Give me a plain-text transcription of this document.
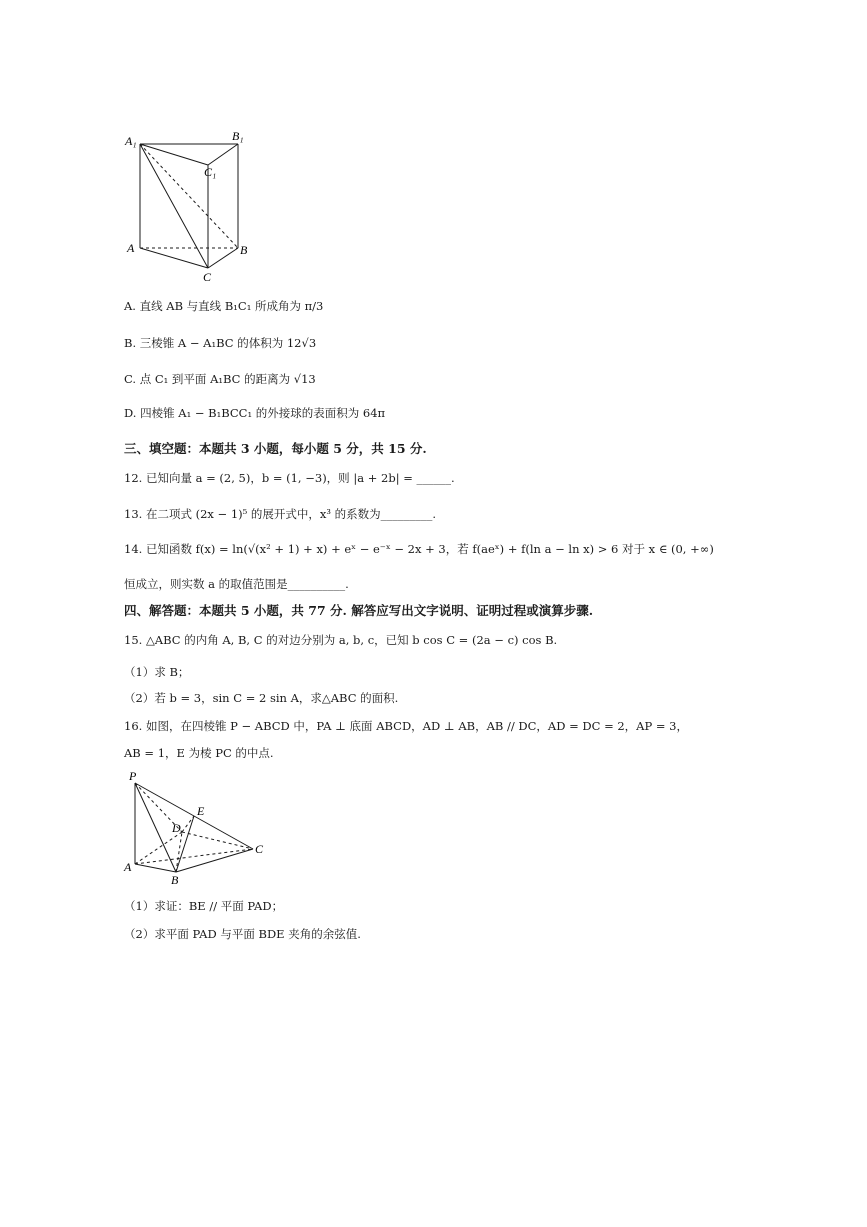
A₁	B₁
C₁
A	B
C
A. 直线 AB 与直线 B₁C₁ 所成角为 π/3
B. 三棱锥 A − A₁BC 的体积为 12√3
C. 点 C₁ 到平面 A₁BC 的距离为 √13
D. 四棱锥 A₁ − B₁BCC₁ 的外接球的表面积为 64π
三、填空题：本题共 3 小题，每小题 5 分，共 15 分.
12. 已知向量 a = (2, 5)，b = (1, −3)，则 |a + 2b| = ______.
13. 在二项式 (2x − 1)⁵ 的展开式中，x³ 的系数为_________.
14. 已知函数 f(x) = ln(√(x² + 1) + x) + eˣ − e⁻ˣ − 2x + 3，若 f(aeˣ) + f(ln a − ln x) > 6 对于 x ∈ (0, +∞)
恒成立，则实数 a 的取值范围是__________.
四、解答题：本题共 5 小题，共 77 分. 解答应写出文字说明、证明过程或演算步骤.
15. △ABC 的内角 A, B, C 的对边分别为 a, b, c，已知 b cos C = (2a − c) cos B.
（1）求 B；
（2）若 b = 3，sin C = 2 sin A，求△ABC 的面积.
16. 如图，在四棱锥 P − ABCD 中，PA ⊥ 底面 ABCD，AD ⊥ AB，AB // DC，AD = DC = 2，AP = 3，
AB = 1，E 为棱 PC 的中点.
P
E
D
C
A
B
（1）求证：BE // 平面 PAD；
（2）求平面 PAD 与平面 BDE 夹角的余弦值.
